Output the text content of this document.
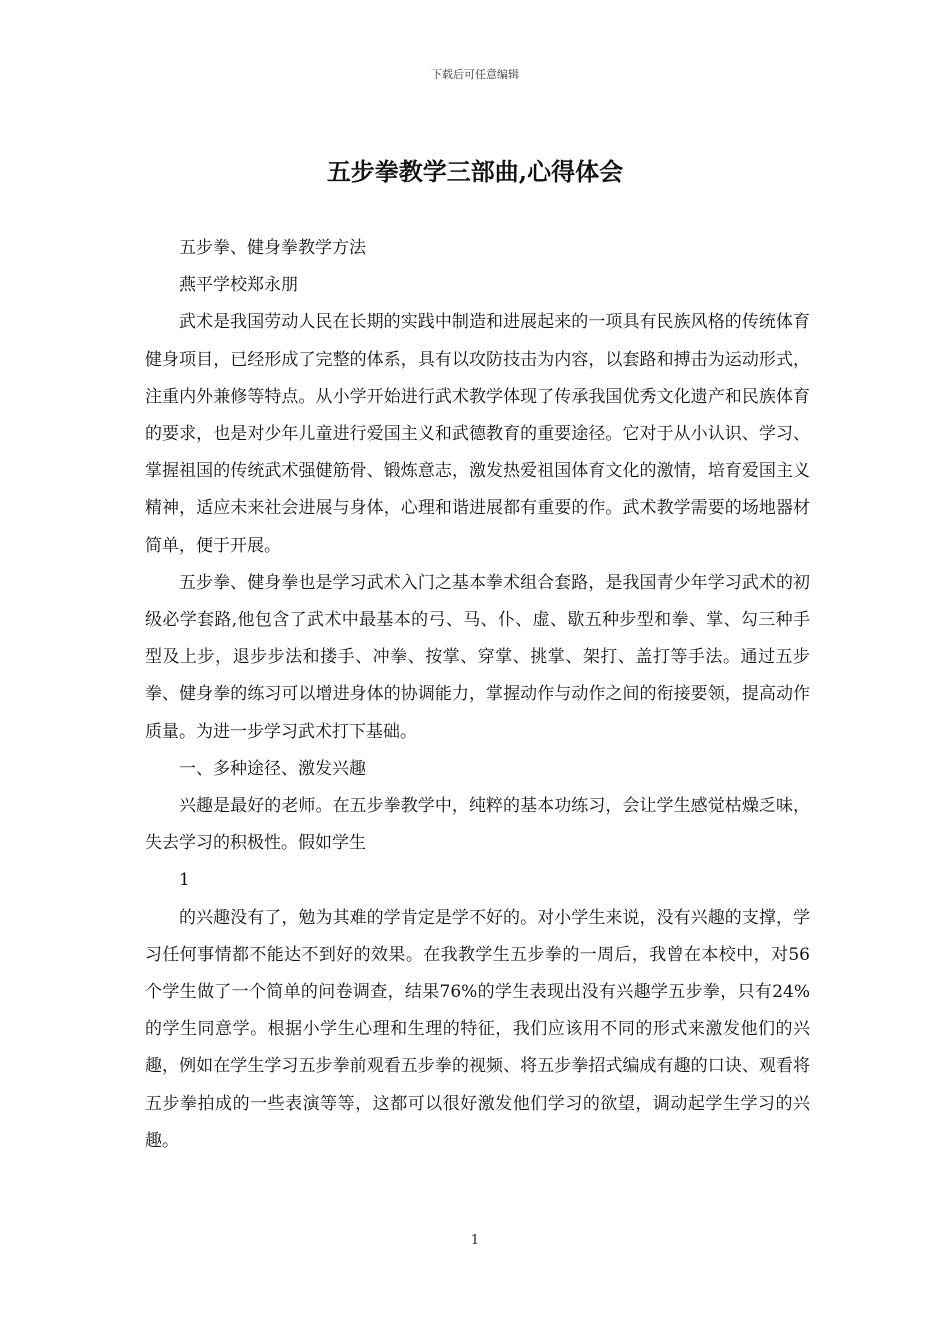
下载后可任意编辑
五步拳教学三部曲,心得体会

五步拳、健身拳教学方法

燕平学校郑永朋

武术是我国劳动人民在长期的实践中制造和进展起来的一项具有民族风格的传统体育健身项目，已经形成了完整的体系，具有以攻防技击为内容，以套路和搏击为运动形式，注重内外兼修等特点。从小学开始进行武术教学体现了传承我国优秀文化遗产和民族体育的要求，也是对少年儿童进行爱国主义和武德教育的重要途径。它对于从小认识、学习、掌握祖国的传统武术强健筋骨、锻炼意志，激发热爱祖国体育文化的激情，培育爱国主义精神，适应未来社会进展与身体，心理和谐进展都有重要的作。武术教学需要的场地器材简单，便于开展。

五步拳、健身拳也是学习武术入门之基本拳术组合套路，是我国青少年学习武术的初级必学套路,他包含了武术中最基本的弓、马、仆、虚、歇五种步型和拳、掌、勾三种手型及上步，退步步法和搂手、冲拳、按掌、穿掌、挑掌、架打、盖打等手法。通过五步拳、健身拳的练习可以增进身体的协调能力，掌握动作与动作之间的衔接要领，提高动作质量。为进一步学习武术打下基础。

一、多种途径、激发兴趣

兴趣是最好的老师。在五步拳教学中，纯粹的基本功练习，会让学生感觉枯燥乏味，失去学习的积极性。假如学生

1

的兴趣没有了，勉为其难的学肯定是学不好的。对小学生来说，没有兴趣的支撑，学习任何事情都不能达不到好的效果。在我教学生五步拳的一周后，我曾在本校中，对56个学生做了一个简单的问卷调查，结果76%的学生表现出没有兴趣学五步拳，只有24%的学生同意学。根据小学生心理和生理的特征，我们应该用不同的形式来激发他们的兴趣，例如在学生学习五步拳前观看五步拳的视频、将五步拳招式编成有趣的口诀、观看将五步拳拍成的一些表演等等，这都可以很好激发他们学习的欲望，调动起学生学习的兴趣。

1
